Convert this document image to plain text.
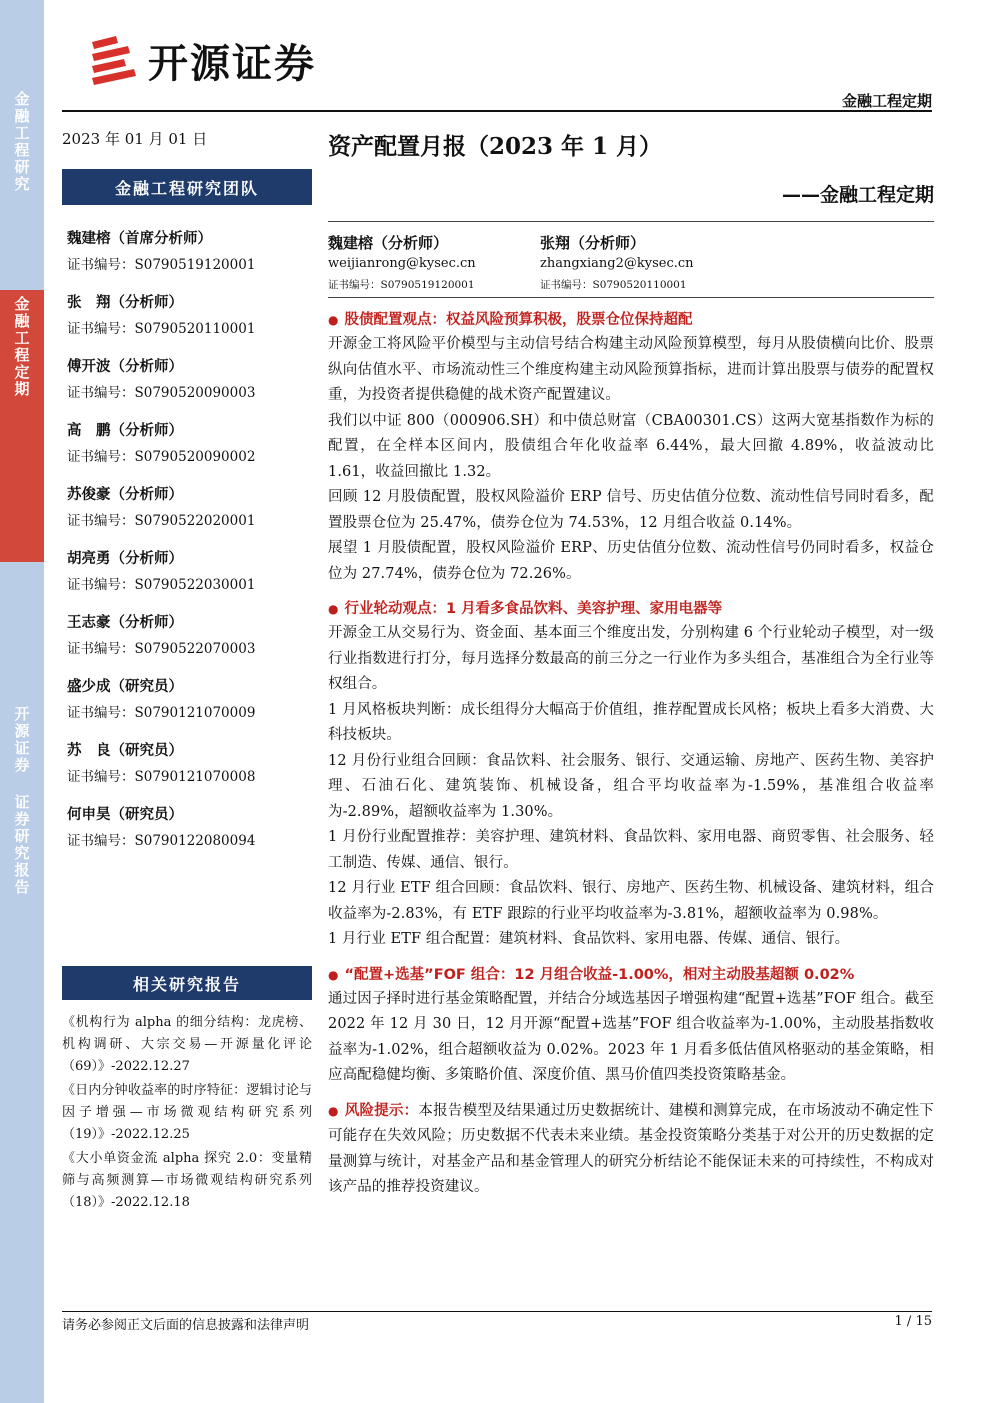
金融工程研究
金融工程定期
开源证券 证券研究报告
开源证券
金融工程定期
2023 年 01 月 01 日
金融工程研究团队
魏建榕（首席分析师）
证书编号：S0790519120001
张　翔（分析师）
证书编号：S0790520110001
傅开波（分析师）
证书编号：S0790520090003
高　鹏（分析师）
证书编号：S0790520090002
苏俊豪（分析师）
证书编号：S0790522020001
胡亮勇（分析师）
证书编号：S0790522030001
王志豪（分析师）
证书编号：S0790522070003
盛少成（研究员）
证书编号：S0790121070009
苏　良（研究员）
证书编号：S0790121070008
何申昊（研究员）
证书编号：S0790122080094
相关研究报告

《机构行为 alpha 的细分结构：龙虎榜、机构调研、大宗交易—开源量化评论（69）》-2022.12.27

《日内分钟收益率的时序特征：逻辑讨论与因子增强—市场微观结构研究系列（19）》-2022.12.25

《大小单资金流 alpha 探究 2.0：变量精筛与高频测算—市场微观结构研究系列（18）》-2022.12.18

资产配置月报（2023 年 1 月）
——金融工程定期
魏建榕（分析师）
weijianrong@kysec.cn
证书编号：S0790519120001
张翔（分析师）
zhangxiang2@kysec.cn
证书编号：S0790520110001
● 股债配置观点：权益风险预算积极，股票仓位保持超配

开源金工将风险平价模型与主动信号结合构建主动风险预算模型，每月从股债横向比价、股票纵向估值水平、市场流动性三个维度构建主动风险预算指标，进而计算出股票与债券的配置权重，为投资者提供稳健的战术资产配置建议。

我们以中证 800（000906.SH）和中债总财富（CBA00301.CS）这两大宽基指数作为标的配置，在全样本区间内，股债组合年化收益率 6.44%，最大回撤 4.89%，收益波动比 1.61，收益回撤比 1.32。

回顾 12 月股债配置，股权风险溢价 ERP 信号、历史估值分位数、流动性信号同时看多，配置股票仓位为 25.47%，债券仓位为 74.53%，12 月组合收益 0.14%。

展望 1 月股债配置，股权风险溢价 ERP、历史估值分位数、流动性信号仍同时看多，权益仓位为 27.74%，债券仓位为 72.26%。

● 行业轮动观点：1 月看多食品饮料、美容护理、家用电器等

开源金工从交易行为、资金面、基本面三个维度出发，分别构建 6 个行业轮动子模型，对一级行业指数进行打分，每月选择分数最高的前三分之一行业作为多头组合，基准组合为全行业等权组合。

1 月风格板块判断：成长组得分大幅高于价值组，推荐配置成长风格；板块上看多大消费、大科技板块。

12 月份行业组合回顾：食品饮料、社会服务、银行、交通运输、房地产、医药生物、美容护理、石油石化、建筑装饰、机械设备，组合平均收益率为-1.59%，基准组合收益率为-2.89%，超额收益率为 1.30%。

1 月份行业配置推荐：美容护理、建筑材料、食品饮料、家用电器、商贸零售、社会服务、轻工制造、传媒、通信、银行。

12 月行业 ETF 组合回顾：食品饮料、银行、房地产、医药生物、机械设备、建筑材料，组合收益率为-2.83%，有 ETF 跟踪的行业平均收益率为-3.81%，超额收益率为 0.98%。

1 月行业 ETF 组合配置：建筑材料、食品饮料、家用电器、传媒、通信、银行。

● “配置+选基”FOF 组合：12 月组合收益-1.00%，相对主动股基超额 0.02%

通过因子择时进行基金策略配置，并结合分域选基因子增强构建“配置+选基”FOF 组合。截至 2022 年 12 月 30 日，12 月开源“配置+选基”FOF 组合收益率为-1.00%，主动股基指数收益率为-1.02%，组合超额收益为 0.02%。2023 年 1 月看多低估值风格驱动的基金策略，相应高配稳健均衡、多策略价值、深度价值、黑马价值四类投资策略基金。

● 风险提示：本报告模型及结果通过历史数据统计、建模和测算完成，在市场波动不确定性下可能存在失效风险；历史数据不代表未来业绩。基金投资策略分类基于对公开的历史数据的定量测算与统计，对基金产品和基金管理人的研究分析结论不能保证未来的可持续性，不构成对该产品的推荐投资建议。

请务必参阅正文后面的信息披露和法律声明	1 / 15
